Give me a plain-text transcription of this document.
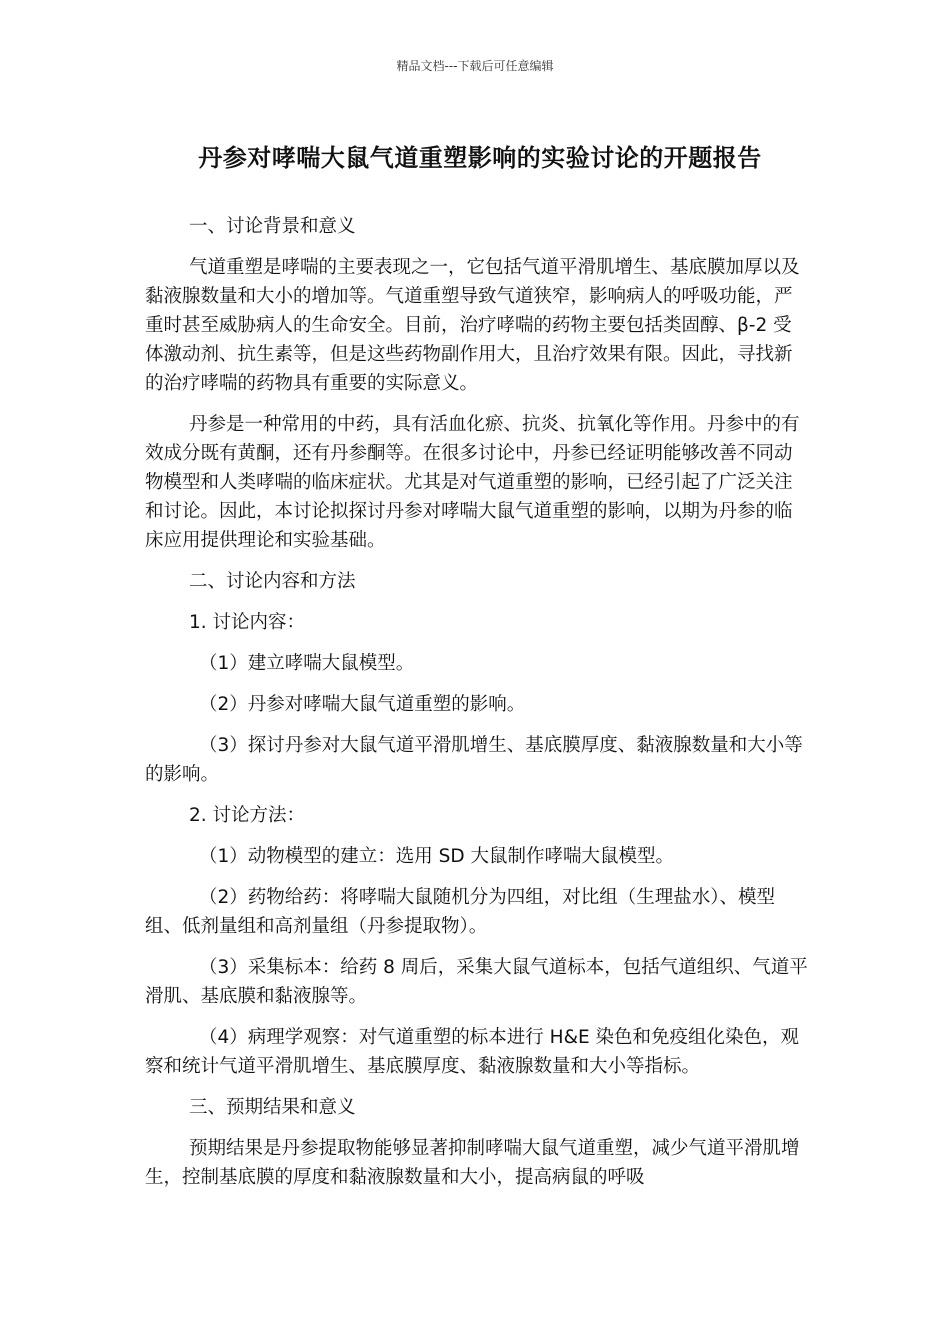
精品文档---下载后可任意编辑
丹参对哮喘大鼠气道重塑影响的实验讨论的开题报告

一、讨论背景和意义

气道重塑是哮喘的主要表现之一，它包括气道平滑肌增生、基底膜加厚以及黏液腺数量和大小的增加等。气道重塑导致气道狭窄，影响病人的呼吸功能，严重时甚至威胁病人的生命安全。目前，治疗哮喘的药物主要包括类固醇、β-2 受体激动剂、抗生素等，但是这些药物副作用大，且治疗效果有限。因此，寻找新的治疗哮喘的药物具有重要的实际意义。

丹参是一种常用的中药，具有活血化瘀、抗炎、抗氧化等作用。丹参中的有效成分既有黄酮，还有丹参酮等。在很多讨论中，丹参已经证明能够改善不同动物模型和人类哮喘的临床症状。尤其是对气道重塑的影响，已经引起了广泛关注和讨论。因此，本讨论拟探讨丹参对哮喘大鼠气道重塑的影响，以期为丹参的临床应用提供理论和实验基础。

二、讨论内容和方法

1. 讨论内容：

（1）建立哮喘大鼠模型。

（2）丹参对哮喘大鼠气道重塑的影响。

（3）探讨丹参对大鼠气道平滑肌增生、基底膜厚度、黏液腺数量和大小等的影响。

2. 讨论方法：

（1）动物模型的建立：选用 SD 大鼠制作哮喘大鼠模型。

（2）药物给药：将哮喘大鼠随机分为四组，对比组（生理盐水）、模型组、低剂量组和高剂量组（丹参提取物）。

（3）采集标本：给药 8 周后，采集大鼠气道标本，包括气道组织、气道平滑肌、基底膜和黏液腺等。

（4）病理学观察：对气道重塑的标本进行 H&E 染色和免疫组化染色，观察和统计气道平滑肌增生、基底膜厚度、黏液腺数量和大小等指标。

三、预期结果和意义

预期结果是丹参提取物能够显著抑制哮喘大鼠气道重塑，减少气道平滑肌增生，控制基底膜的厚度和黏液腺数量和大小，提高病鼠的呼吸
